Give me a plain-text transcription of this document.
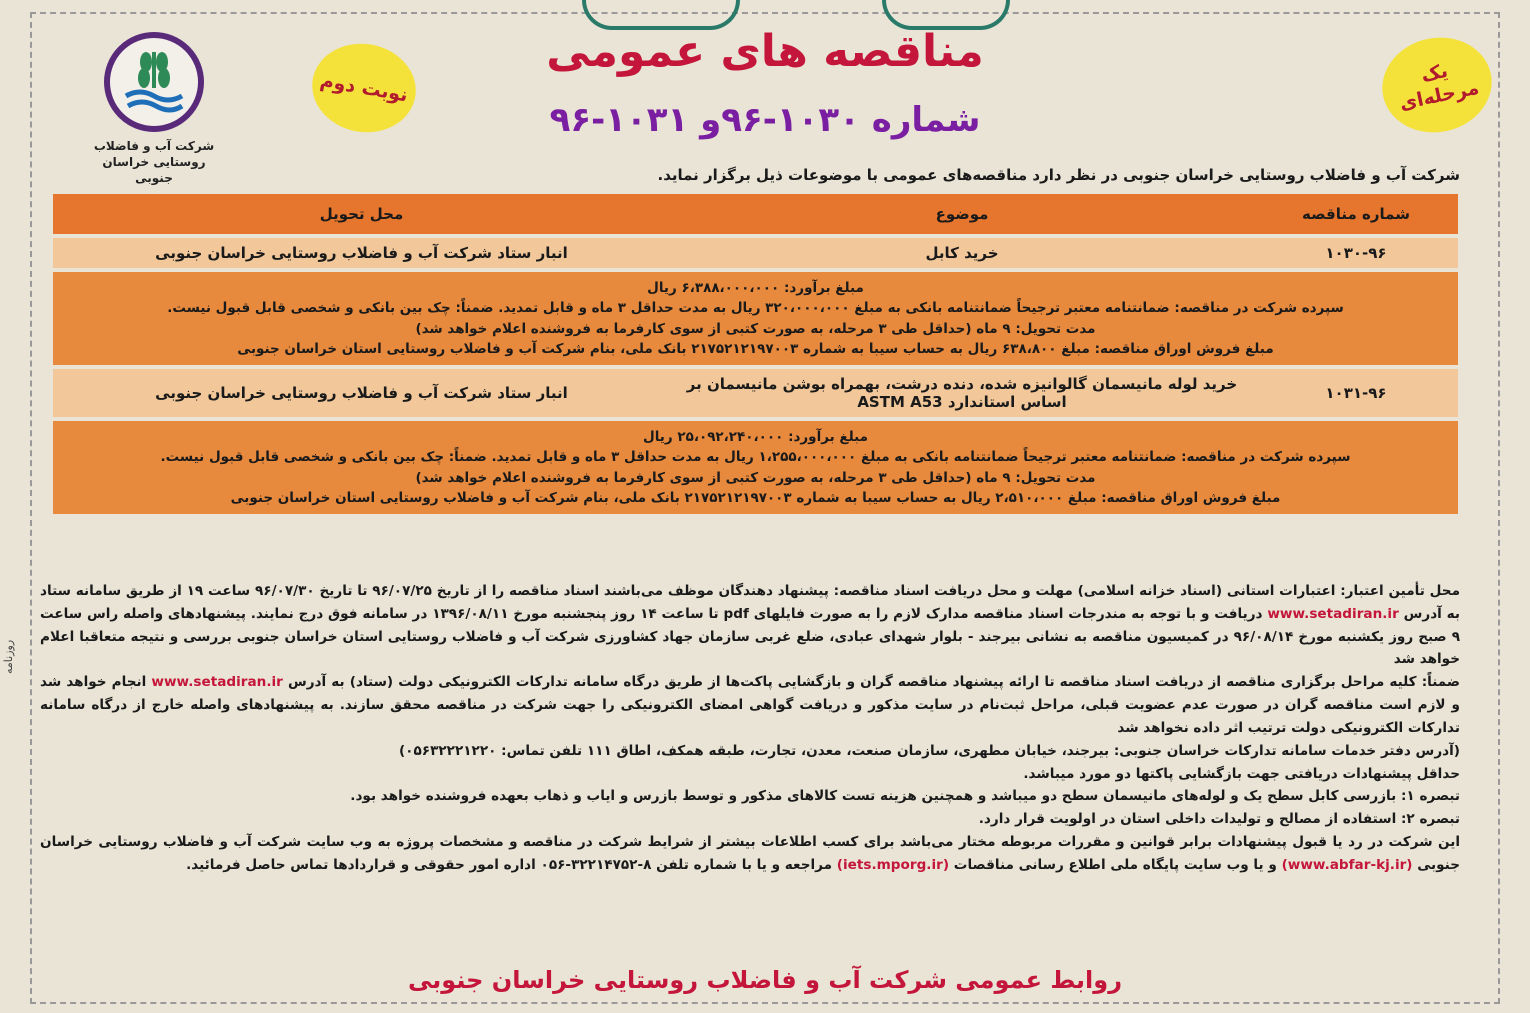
شرکت آب و فاضلاب روستایی خراسان جنوبی
یک مرحله‌ای
نوبت دوم
مناقصه های عمومی
شماره ۱۰۳۰-۹۶و ۱۰۳۱-۹۶
شرکت آب و فاضلاب روستایی خراسان جنوبی در نظر دارد مناقصه‌های عمومی با موضوعات ذیل برگزار نماید.
شماره مناقصه	موضوع	محل تحویل
۱۰۳۰-۹۶	خرید کابل	انبار ستاد شرکت آب و فاضلاب روستایی خراسان جنوبی

مبلغ برآورد: ۶،۳۸۸،۰۰۰،۰۰۰ ریال
سپرده شرکت در مناقصه: ضمانتنامه معتبر ترجیحاً ضمانتنامه بانکی به مبلغ ۳۲۰،۰۰۰،۰۰۰ ریال به مدت حداقل ۳ ماه و قابل تمدید. ضمناً: چک بین بانکی و شخصی قابل قبول نیست.
مدت تحویل: ۹ ماه (حداقل طی ۳ مرحله، به صورت کتبی از سوی کارفرما به فروشنده اعلام خواهد شد)
مبلغ فروش اوراق مناقصه: مبلغ ۶۳۸،۸۰۰ ریال به حساب سیبا به شماره ۲۱۷۵۲۱۲۱۹۷۰۰۳ بانک ملی، بنام شرکت آب و فاضلاب روستایی استان خراسان جنوبی		

۱۰۳۱-۹۶	خرید لوله مانیسمان گالوانیزه شده، دنده درشت، بهمراه بوشن مانیسمان بر اساس استاندارد ASTM A53	انبار ستاد شرکت آب و فاضلاب روستایی خراسان جنوبی

مبلغ برآورد: ۲۵،۰۹۲،۲۴۰،۰۰۰ ریال
سپرده شرکت در مناقصه: ضمانتنامه معتبر ترجیحاً ضمانتنامه بانکی به مبلغ ۱،۲۵۵،۰۰۰،۰۰۰ ریال به مدت حداقل ۳ ماه و قابل تمدید. ضمناً: چک بین بانکی و شخصی قابل قبول نیست.
مدت تحویل: ۹ ماه (حداقل طی ۳ مرحله، به صورت کتبی از سوی کارفرما به فروشنده اعلام خواهد شد)
مبلغ فروش اوراق مناقصه: مبلغ ۲،۵۱۰،۰۰۰ ریال به حساب سیبا به شماره ۲۱۷۵۲۱۲۱۹۷۰۰۳ بانک ملی، بنام شرکت آب و فاضلاب روستایی استان خراسان جنوبی		

محل تأمین اعتبار: اعتبارات استانی (اسناد خزانه اسلامی) مهلت و محل دریافت اسناد مناقصه: پیشنهاد دهندگان موظف می‌باشند اسناد مناقصه را از تاریخ ۹۶/۰۷/۲۵ تا تاریخ ۹۶/۰۷/۳۰ ساعت ۱۹ از طریق سامانه ستاد به آدرس www.setadiran.ir دریافت و با توجه به مندرجات اسناد مناقصه مدارک لازم را به صورت فایلهای pdf تا ساعت ۱۴ روز پنجشنبه مورخ ۱۳۹۶/۰۸/۱۱ در سامانه فوق درج نمایند. پیشنهادهای واصله راس ساعت ۹ صبح روز یکشنبه مورخ ۹۶/۰۸/۱۴ در کمیسیون مناقصه به نشانی بیرجند - بلوار شهدای عبادی، ضلع غربی سازمان جهاد کشاورزی شرکت آب و فاضلاب روستایی استان خراسان جنوبی بررسی و نتیجه متعاقبا اعلام خواهد شد

ضمناً: کلیه مراحل برگزاری مناقصه از دریافت اسناد مناقصه تا ارائه پیشنهاد مناقصه گران و بازگشایی پاکت‌ها از طریق درگاه سامانه تدارکات الکترونیکی دولت (ستاد) به آدرس www.setadiran.ir انجام خواهد شد و لازم است مناقصه گران در صورت عدم عضویت قبلی، مراحل ثبت‌نام در سایت مذکور و دریافت گواهی امضای الکترونیکی را جهت شرکت در مناقصه محقق سازند. به پیشنهادهای واصله خارج از درگاه سامانه تدارکات الکترونیکی دولت ترتیب اثر داده نخواهد شد

(آدرس دفتر خدمات سامانه تدارکات خراسان جنوبی: بیرجند، خیابان مطهری، سازمان صنعت، معدن، تجارت، طبقه همکف، اطاق ۱۱۱ تلفن تماس: ۰۵۶۳۲۲۲۱۲۲۰)

حداقل پیشنهادات دریافتی جهت بازگشایی پاکتها دو مورد میباشد.

تبصره ۱: بازرسی کابل سطح یک و لوله‌های مانیسمان سطح دو میباشد و همچنین هزینه تست کالاهای مذکور و توسط بازرس و ایاب و ذهاب بعهده فروشنده خواهد بود.

تبصره ۲: استفاده از مصالح و تولیدات داخلی استان در اولویت قرار دارد.

این شرکت در رد یا قبول پیشنهادات برابر قوانین و مقررات مربوطه مختار می‌باشد برای کسب اطلاعات بیشتر از شرایط شرکت در مناقصه و مشخصات پروژه به وب سایت شرکت آب و فاضلاب روستایی خراسان جنوبی (www.abfar-kj.ir) و یا وب سایت پایگاه ملی اطلاع رسانی مناقصات (iets.mporg.ir) مراجعه و یا با شماره تلفن ۸-۳۲۲۱۴۷۵۲-۰۵۶ اداره امور حقوقی و قراردادها تماس حاصل فرمائید.

روابط عمومی شرکت آب و فاضلاب روستایی خراسان جنوبی
روزنامه
